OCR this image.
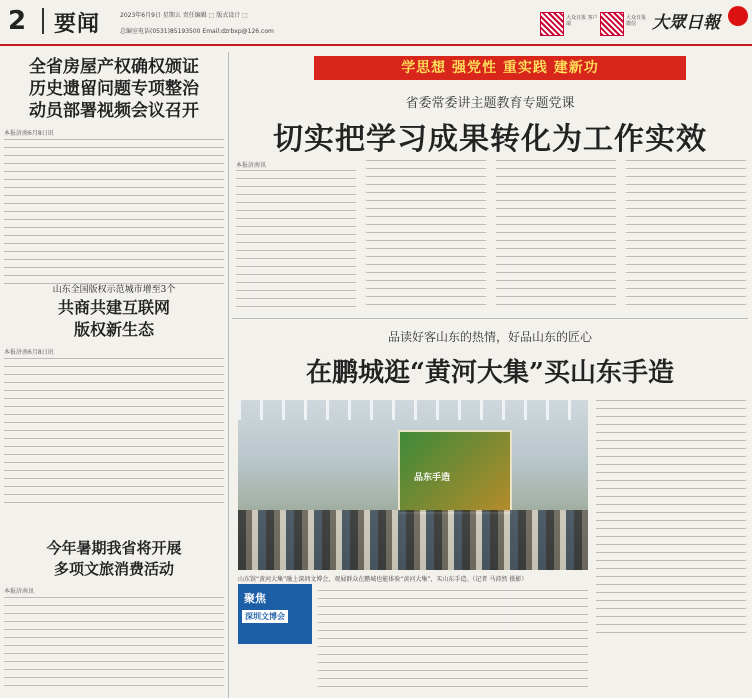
2 要闻	2023年6月9日 星期五 责任编辑 ⬚ 版式设计 ⬚
总编室电话(0531)85193500 Email:dzrbxp@126.com
大众日报 客户端
大众日报 微信 大眾日報
全省房屋产权确权颁证
历史遗留问题专项整治
动员部署视频会议召开
本报济南6月8日讯
山东全国版权示范城市增至3个
共商共建互联网
版权新生态
本报济南6月8日讯
今年暑期我省将开展
多项文旅消费活动
本报济南讯
学思想 强党性 重实践 建新功
省委常委讲主题教育专题党课
切实把学习成果转化为工作实效
本报济南讯
品读好客山东的热情，好品山东的匠心
在鹏城逛“黄河大集”买山东手造
品东手造
山东馆“黄河大集”融上深圳文博会，观展群众在鹏城也能体验“黄河大集”，买山东手造。（记者 马沛然 摄影）
聚焦
深圳文博会
